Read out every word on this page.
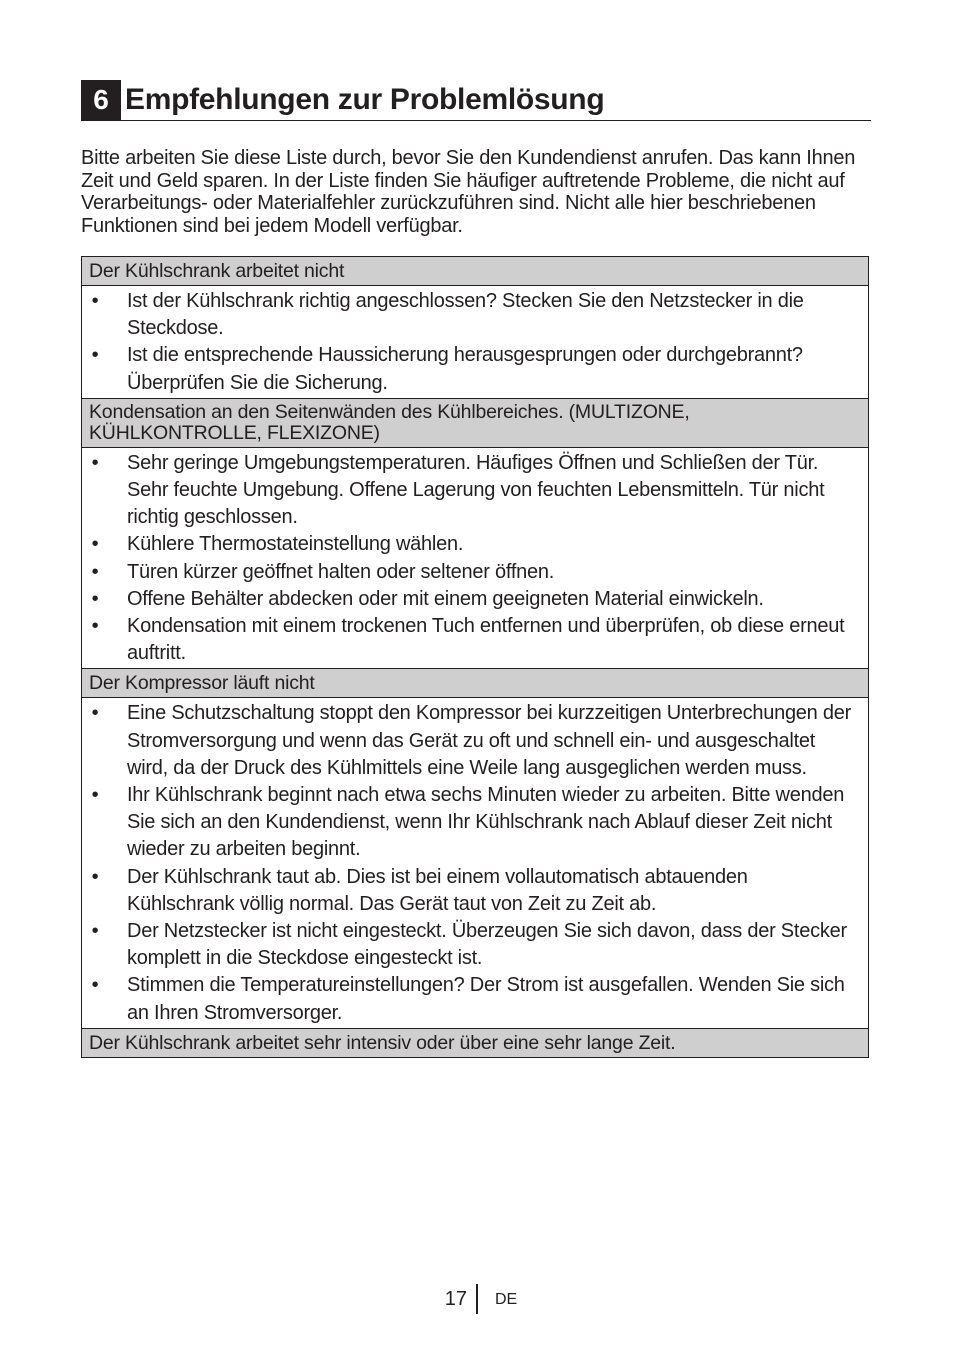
6 Empfehlungen zur Problemlösung

Bitte arbeiten Sie diese Liste durch, bevor Sie den Kundendienst anrufen. Das kann Ihnen Zeit und Geld sparen. In der Liste finden Sie häufiger auftretende Probleme, die nicht auf Verarbeitungs- oder Materialfehler zurückzuführen sind. Nicht alle hier beschriebenen Funktionen sind bei jedem Modell verfügbar.

Der Kühlschrank arbeitet nicht

• Ist der Kühlschrank richtig angeschlossen? Stecken Sie den Netzstecker in die Steckdose.
• Ist die entsprechende Haussicherung herausgesprungen oder durchgebrannt? Überprüfen Sie die Sicherung.

Kondensation an den Seitenwänden des Kühlbereiches. (MULTIZONE, KÜHLKONTROLLE, FLEXIZONE)

• Sehr geringe Umgebungstemperaturen. Häufiges Öffnen und Schließen der Tür. Sehr feuchte Umgebung. Offene Lagerung von feuchten Lebensmitteln. Tür nicht richtig geschlossen.
• Kühlere Thermostateinstellung wählen.
• Türen kürzer geöffnet halten oder seltener öffnen.
• Offene Behälter abdecken oder mit einem geeigneten Material einwickeln.
• Kondensation mit einem trockenen Tuch entfernen und überprüfen, ob diese erneut auftritt.

Der Kompressor läuft nicht

• Eine Schutzschaltung stoppt den Kompressor bei kurzzeitigen Unterbrechungen der Stromversorgung und wenn das Gerät zu oft und schnell ein- und ausgeschaltet wird, da der Druck des Kühlmittels eine Weile lang ausgeglichen werden muss.
• Ihr Kühlschrank beginnt nach etwa sechs Minuten wieder zu arbeiten. Bitte wenden Sie sich an den Kundendienst, wenn Ihr Kühlschrank nach Ablauf dieser Zeit nicht wieder zu arbeiten beginnt.
• Der Kühlschrank taut ab. Dies ist bei einem vollautomatisch abtauenden Kühlschrank völlig normal. Das Gerät taut von Zeit zu Zeit ab.
• Der Netzstecker ist nicht eingesteckt. Überzeugen Sie sich davon, dass der Stecker komplett in die Steckdose eingesteckt ist.
• Stimmen die Temperatureinstellungen? Der Strom ist ausgefallen. Wenden Sie sich an Ihren Stromversorger.

Der Kühlschrank arbeitet sehr intensiv oder über eine sehr lange Zeit.
17 DE
